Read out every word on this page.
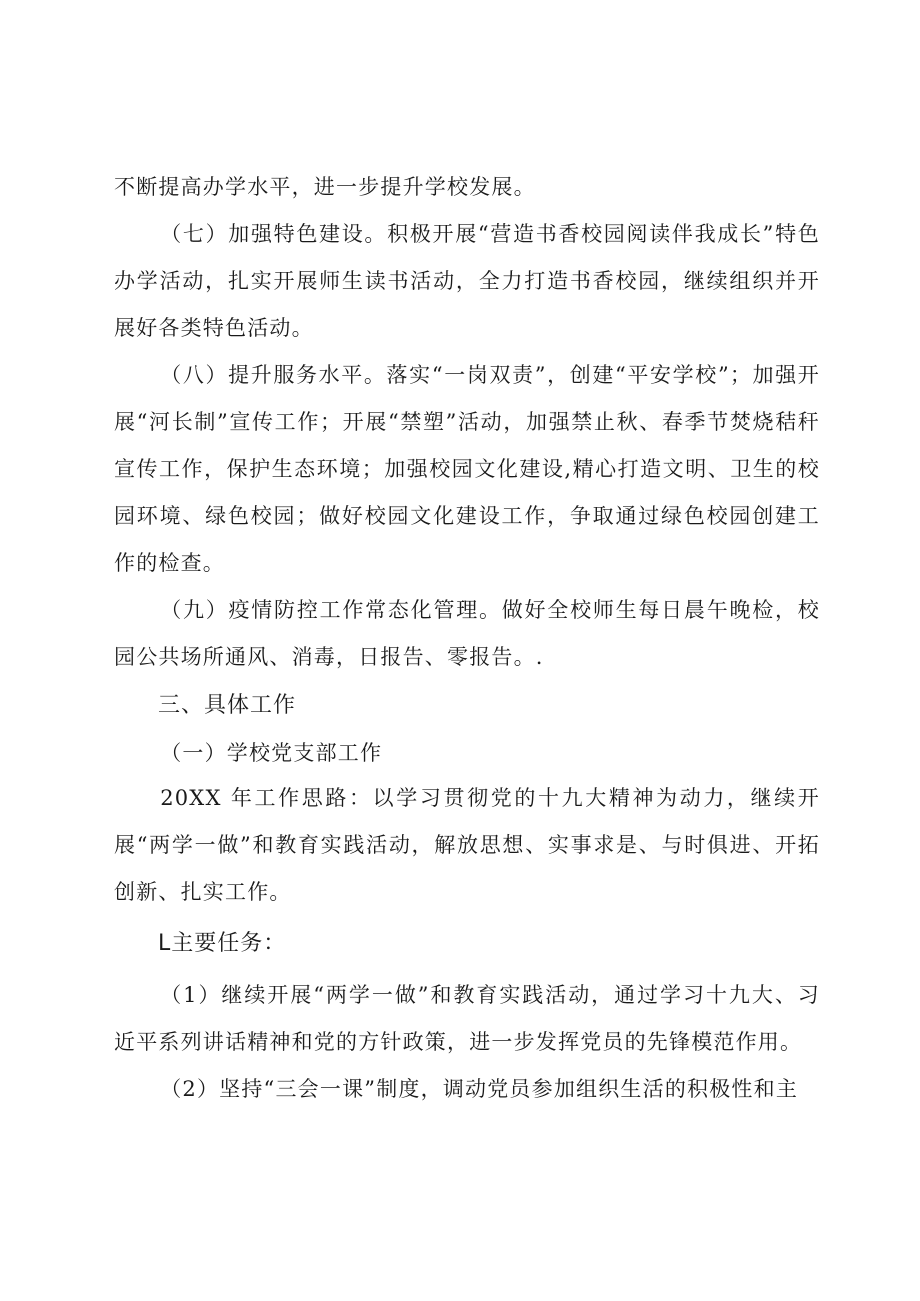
不断提高办学水平，进一步提升学校发展。

（七）加强特色建设。积极开展“营造书香校园阅读伴我成长”特色办学活动，扎实开展师生读书活动，全力打造书香校园，继续组织并开展好各类特色活动。

（八）提升服务水平。落实“一岗双责”，创建“平安学校”；加强开展“河长制”宣传工作；开展“禁塑”活动，加强禁止秋、春季节焚烧秸秆宣传工作，保护生态环境；加强校园文化建设,精心打造文明、卫生的校园环境、绿色校园；做好校园文化建设工作，争取通过绿色校园创建工作的检查。

（九）疫情防控工作常态化管理。做好全校师生每日晨午晚检，校园公共场所通风、消毒，日报告、零报告。.

三、具体工作

（一）学校党支部工作

20XX 年工作思路：以学习贯彻党的十九大精神为动力，继续开展“两学一做”和教育实践活动，解放思想、实事求是、与时俱进、开拓创新、扎实工作。

L主要任务：

（1）继续开展“两学一做”和教育实践活动，通过学习十九大、习近平系列讲话精神和党的方针政策，进一步发挥党员的先锋模范作用。

（2）坚持“三会一课”制度，调动党员参加组织生活的积极性和主
